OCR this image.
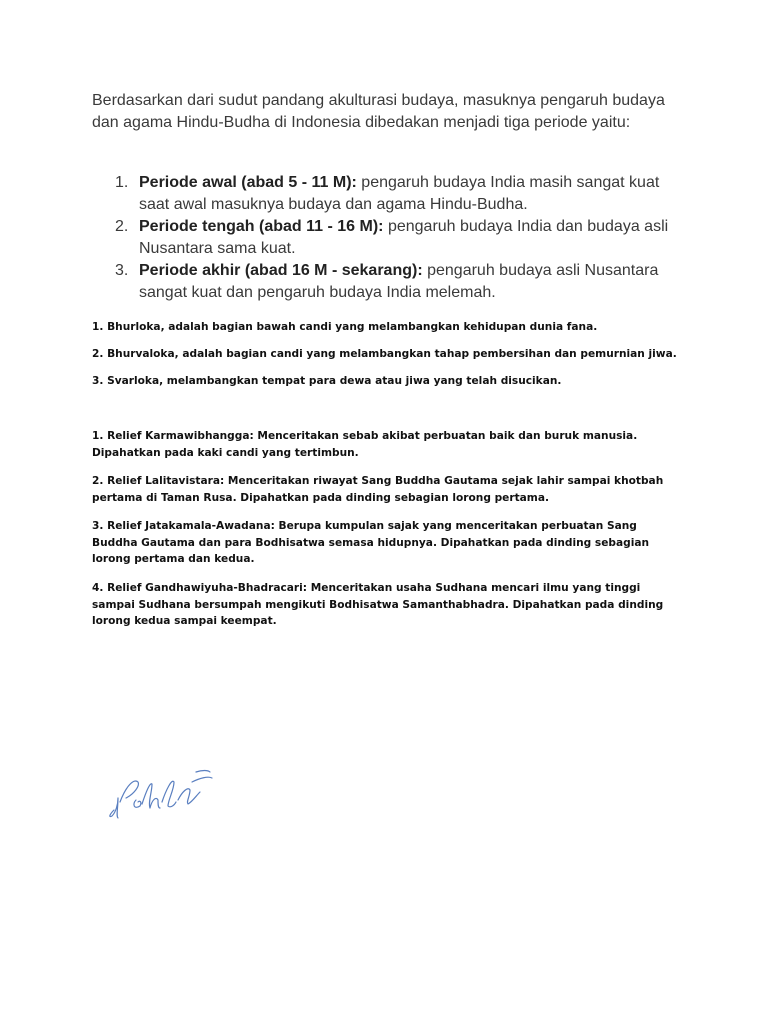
Berdasarkan dari sudut pandang akulturasi budaya, masuknya pengaruh budaya dan agama Hindu-Budha di Indonesia dibedakan menjadi tiga periode yaitu:

1. Periode awal (abad 5 - 11 M): pengaruh budaya India masih sangat kuat saat awal masuknya budaya dan agama Hindu-Budha.
2. Periode tengah (abad 11 - 16 M): pengaruh budaya India dan budaya asli Nusantara sama kuat.
3. Periode akhir (abad 16 M - sekarang): pengaruh budaya asli Nusantara sangat kuat dan pengaruh budaya India melemah.

1. Bhurloka, adalah bagian bawah candi yang melambangkan kehidupan dunia fana.

2. Bhurvaloka, adalah bagian candi yang melambangkan tahap pembersihan dan pemurnian jiwa.

3. Svarloka, melambangkan tempat para dewa atau jiwa yang telah disucikan.

1. Relief Karmawibhangga: Menceritakan sebab akibat perbuatan baik dan buruk manusia. Dipahatkan pada kaki candi yang tertimbun.

2. Relief Lalitavistara: Menceritakan riwayat Sang Buddha Gautama sejak lahir sampai khotbah pertama di Taman Rusa. Dipahatkan pada dinding sebagian lorong pertama.

3. Relief Jatakamala-Awadana: Berupa kumpulan sajak yang menceritakan perbuatan Sang Buddha Gautama dan para Bodhisatwa semasa hidupnya. Dipahatkan pada dinding sebagian lorong pertama dan kedua.

4. Relief Gandhawiyuha-Bhadracari: Menceritakan usaha Sudhana mencari ilmu yang tinggi sampai Sudhana bersumpah mengikuti Bodhisatwa Samanthabhadra. Dipahatkan pada dinding lorong kedua sampai keempat.
